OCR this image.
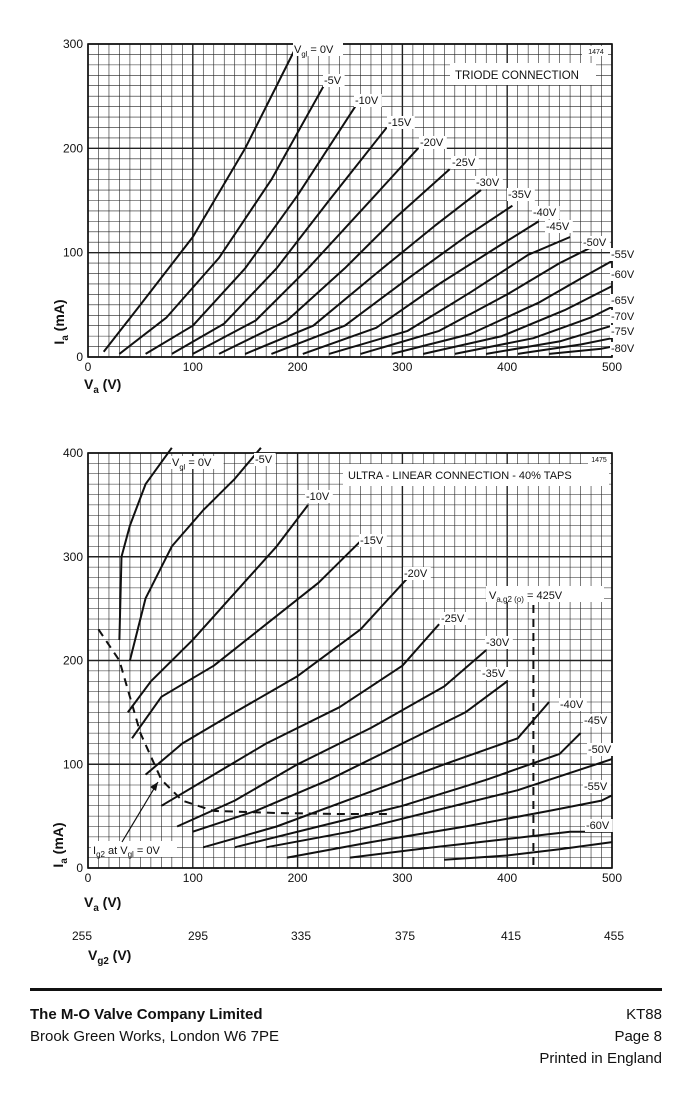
0	100	200	300	400	500
0
100
200
300
TRIODE CONNECTION
1474
$I_a$ (mA)
$V_a$ (V)
$V_{gl} = 0V$
-5V
-10V
-15V
-20V
-25V
-30V
-35V
-40V
-45V
-50V
-55V
-60V
-65V
-70V
-75V
-80V
0	100	200	300	400	500
0
100
200
300
400
ULTRA - LINEAR CONNECTION - 40% TAPS
1475
$I_a$ (mA)
$V_a$ (V)
$V_{gl} = 0V$	-5V
-10V
-15V
-20V
-25V
-30V
-35V
-40V
-45V
-50V
-55V
-60V
$V_{a,g2 (o)} = 425V$
$I_{g2}$ at $V_{gl} = 0V$
255	295	335	375	415	455
$V_{g2}$ (V)
The M-O Valve Company Limited
Brook Green Works, London W6 7PE
KT88
Page 8
Printed in England
